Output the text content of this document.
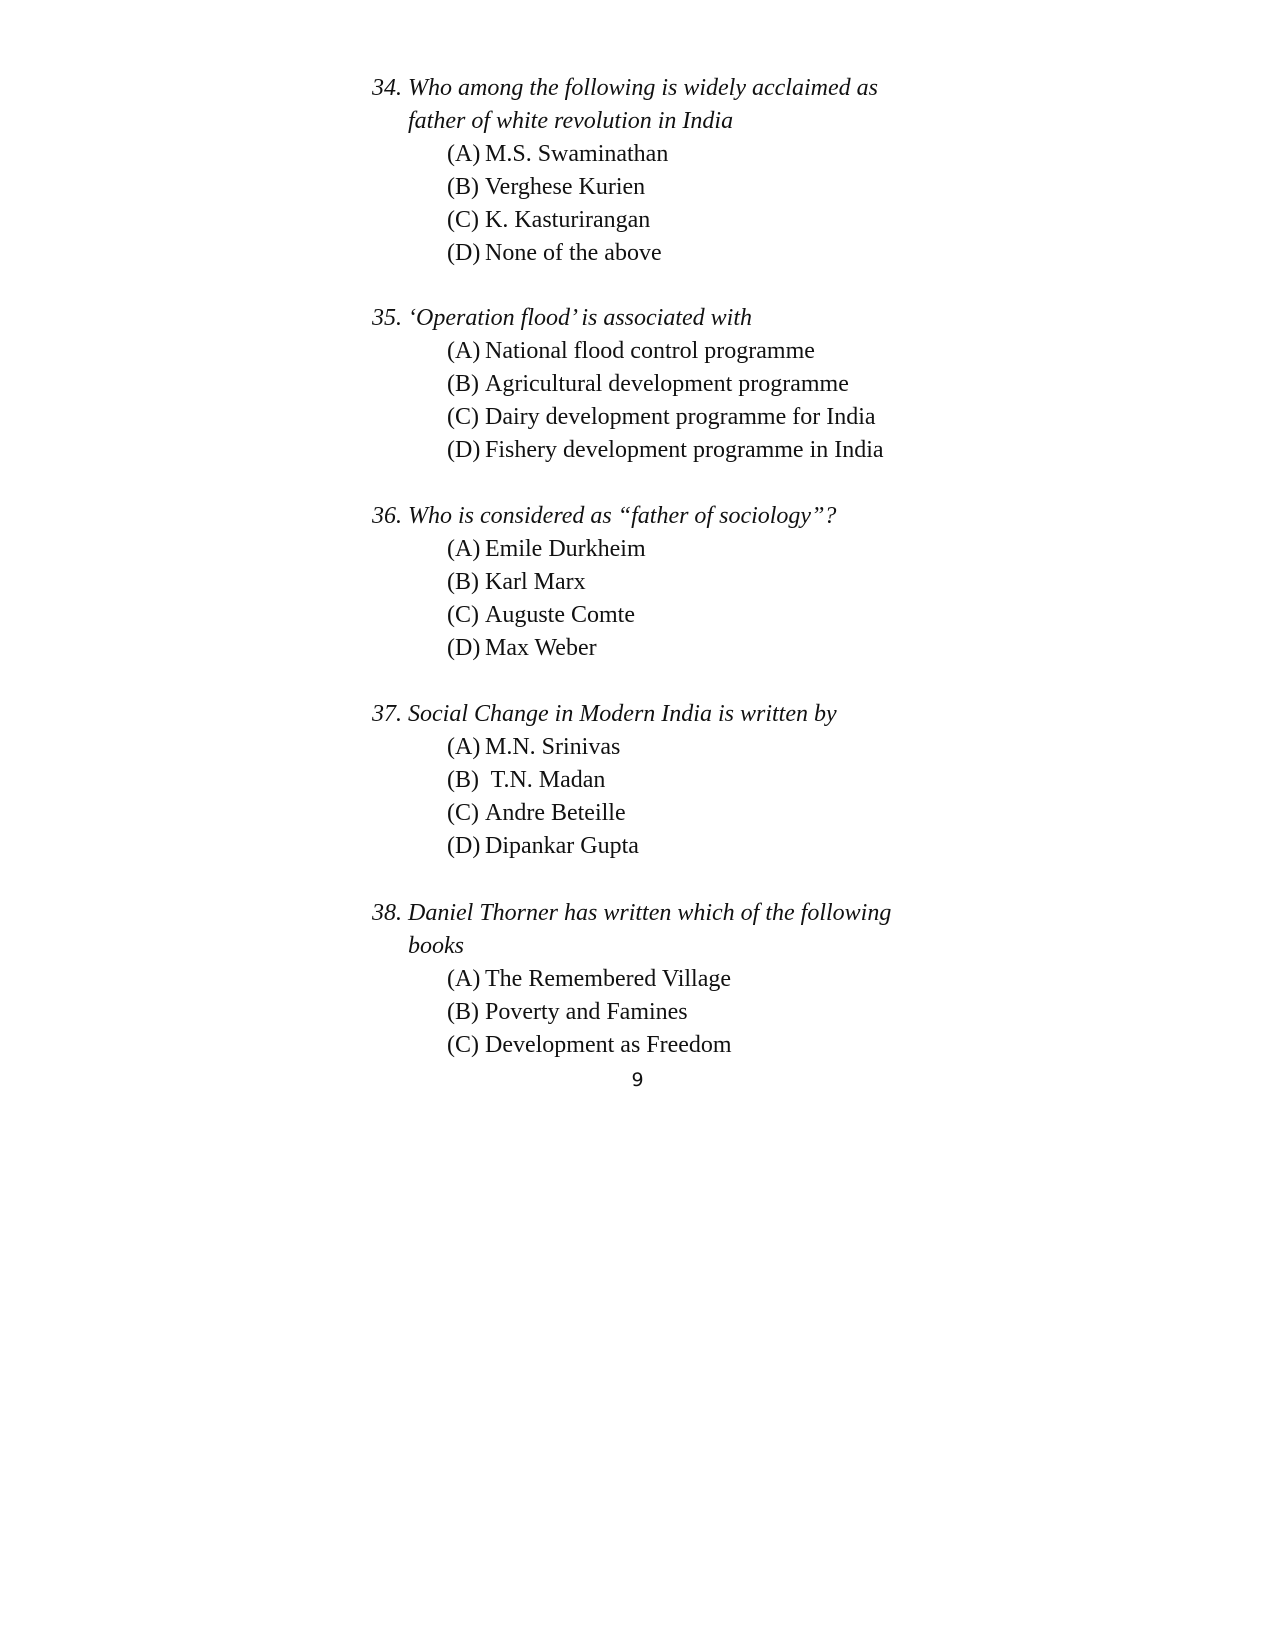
34. Who among the following is widely acclaimed as father of white revolution in India
(A) M.S. Swaminathan
(B) Verghese Kurien
(C) K. Kasturirangan
(D) None of the above
35. ‘Operation flood’ is associated with
(A) National flood control programme
(B) Agricultural development programme
(C) Dairy development programme for India
(D) Fishery development programme in India
36. Who is considered as “father of sociology”?
(A) Emile Durkheim
(B) Karl Marx
(C) Auguste Comte
(D) Max Weber
37. Social Change in Modern India is written by
(A) M.N. Srinivas
(B) T.N. Madan
(C) Andre Beteille
(D) Dipankar Gupta
38. Daniel Thorner has written which of the following books
(A) The Remembered Village
(B) Poverty and Famines
(C) Development as Freedom
9
